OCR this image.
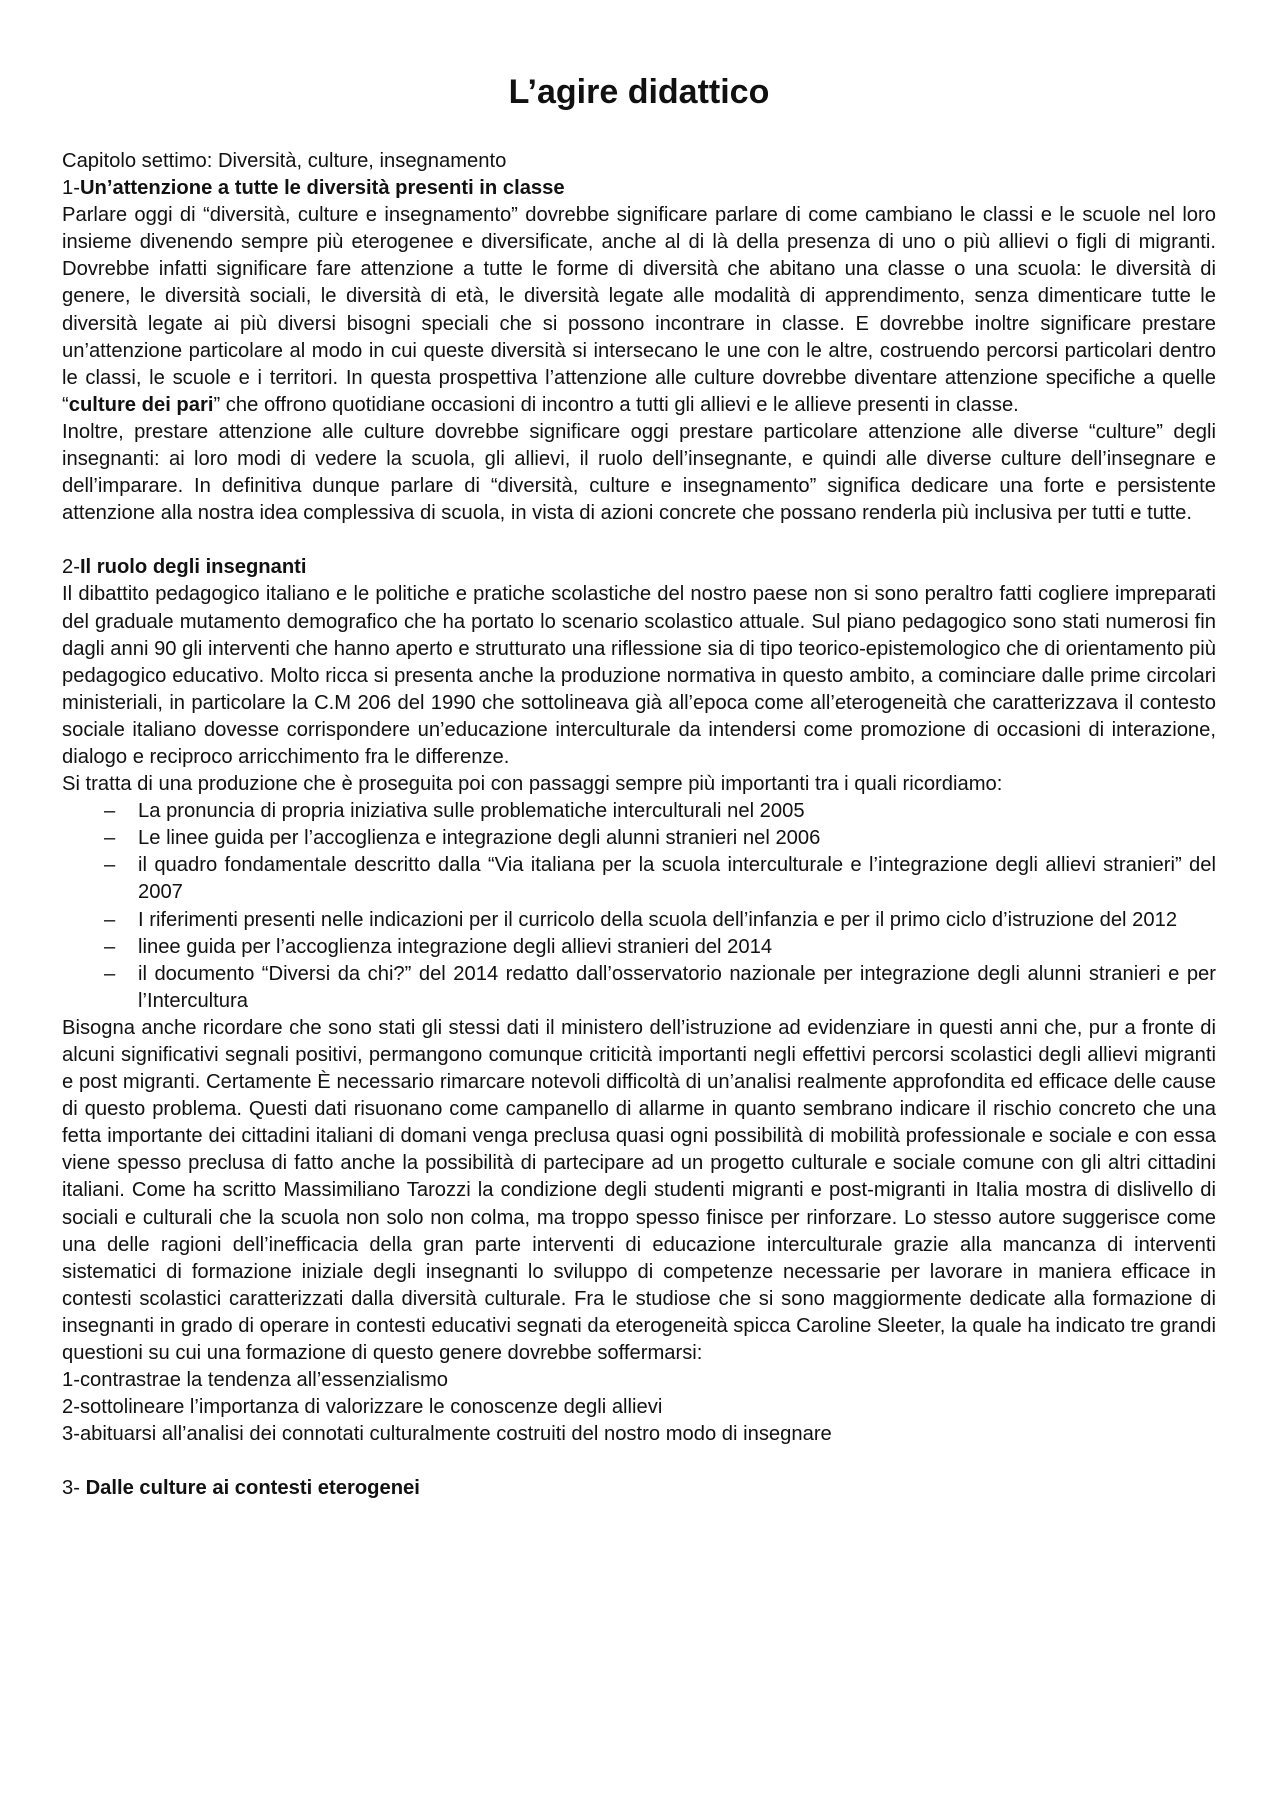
L’agire didattico

Capitolo settimo: Diversità, culture, insegnamento

1-Un’attenzione a tutte le diversità presenti in classe

Parlare oggi di “diversità, culture e insegnamento” dovrebbe significare parlare di come cambiano le classi e le scuole nel loro insieme divenendo sempre più eterogenee e diversificate, anche al di là della presenza di uno o più allievi o figli di migranti. Dovrebbe infatti significare fare attenzione a tutte le forme di diversità che abitano una classe o una scuola: le diversità di genere, le diversità sociali, le diversità di età, le diversità legate alle modalità di apprendimento, senza dimenticare tutte le diversità legate ai più diversi bisogni speciali che si possono incontrare in classe. E dovrebbe inoltre significare prestare un’attenzione particolare al modo in cui queste diversità si intersecano le une con le altre, costruendo percorsi particolari dentro le classi, le scuole e i territori. In questa prospettiva l’attenzione alle culture dovrebbe diventare attenzione specifiche a quelle “culture dei pari” che offrono quotidiane occasioni di incontro a tutti gli allievi e le allieve presenti in classe.

Inoltre, prestare attenzione alle culture dovrebbe significare oggi prestare particolare attenzione alle diverse “culture” degli insegnanti: ai loro modi di vedere la scuola, gli allievi, il ruolo dell’insegnante, e quindi alle diverse culture dell’insegnare e dell’imparare. In definitiva dunque parlare di “diversità, culture e insegnamento” significa dedicare una forte e persistente attenzione alla nostra idea complessiva di scuola, in vista di azioni concrete che possano renderla più inclusiva per tutti e tutte.

2-Il ruolo degli insegnanti

Il dibattito pedagogico italiano e le politiche e pratiche scolastiche del nostro paese non si sono peraltro fatti cogliere impreparati del graduale mutamento demografico che ha portato lo scenario scolastico attuale. Sul piano pedagogico sono stati numerosi fin dagli anni 90 gli interventi che hanno aperto e strutturato una riflessione sia di tipo teorico-epistemologico che di orientamento più pedagogico educativo. Molto ricca si presenta anche la produzione normativa in questo ambito, a cominciare dalle prime circolari ministeriali, in particolare la C.M 206 del 1990 che sottolineava già all’epoca come all’eterogeneità che caratterizzava il contesto sociale italiano dovesse corrispondere un’educazione interculturale da intendersi come promozione di occasioni di interazione, dialogo e reciproco arricchimento fra le differenze.

Si tratta di una produzione che è proseguita poi con passaggi sempre più importanti tra i quali ricordiamo:

– La pronuncia di propria iniziativa sulle problematiche interculturali nel 2005
– Le linee guida per l’accoglienza e integrazione degli alunni stranieri nel 2006
– il quadro fondamentale descritto dalla “Via italiana per la scuola interculturale e l’integrazione degli allievi stranieri” del 2007
– I riferimenti presenti nelle indicazioni per il curricolo della scuola dell’infanzia e per il primo ciclo d’istruzione del 2012
– linee guida per l’accoglienza integrazione degli allievi stranieri del 2014
– il documento “Diversi da chi?” del 2014 redatto dall’osservatorio nazionale per integrazione degli alunni stranieri e per l’Intercultura

Bisogna anche ricordare che sono stati gli stessi dati il ministero dell’istruzione ad evidenziare in questi anni che, pur a fronte di alcuni significativi segnali positivi, permangono comunque criticità importanti negli effettivi percorsi scolastici degli allievi migranti e post migranti. Certamente È necessario rimarcare notevoli difficoltà di un’analisi realmente approfondita ed efficace delle cause di questo problema. Questi dati risuonano come campanello di allarme in quanto sembrano indicare il rischio concreto che una fetta importante dei cittadini italiani di domani venga preclusa quasi ogni possibilità di mobilità professionale e sociale e con essa viene spesso preclusa di fatto anche la possibilità di partecipare ad un progetto culturale e sociale comune con gli altri cittadini italiani. Come ha scritto Massimiliano Tarozzi la condizione degli studenti migranti e post-migranti in Italia mostra di dislivello di sociali e culturali che la scuola non solo non colma, ma troppo spesso finisce per rinforzare. Lo stesso autore suggerisce come una delle ragioni dell’inefficacia della gran parte interventi di educazione interculturale grazie alla mancanza di interventi sistematici di formazione iniziale degli insegnanti lo sviluppo di competenze necessarie per lavorare in maniera efficace in contesti scolastici caratterizzati dalla diversità culturale. Fra le studiose che si sono maggiormente dedicate alla formazione di insegnanti in grado di operare in contesti educativi segnati da eterogeneità spicca Caroline Sleeter, la quale ha indicato tre grandi questioni su cui una formazione di questo genere dovrebbe soffermarsi:

1-contrastrae la tendenza all’essenzialismo

2-sottolineare l’importanza di valorizzare le conoscenze degli allievi

3-abituarsi all’analisi dei connotati culturalmente costruiti del nostro modo di insegnare

3- Dalle culture ai contesti eterogenei
